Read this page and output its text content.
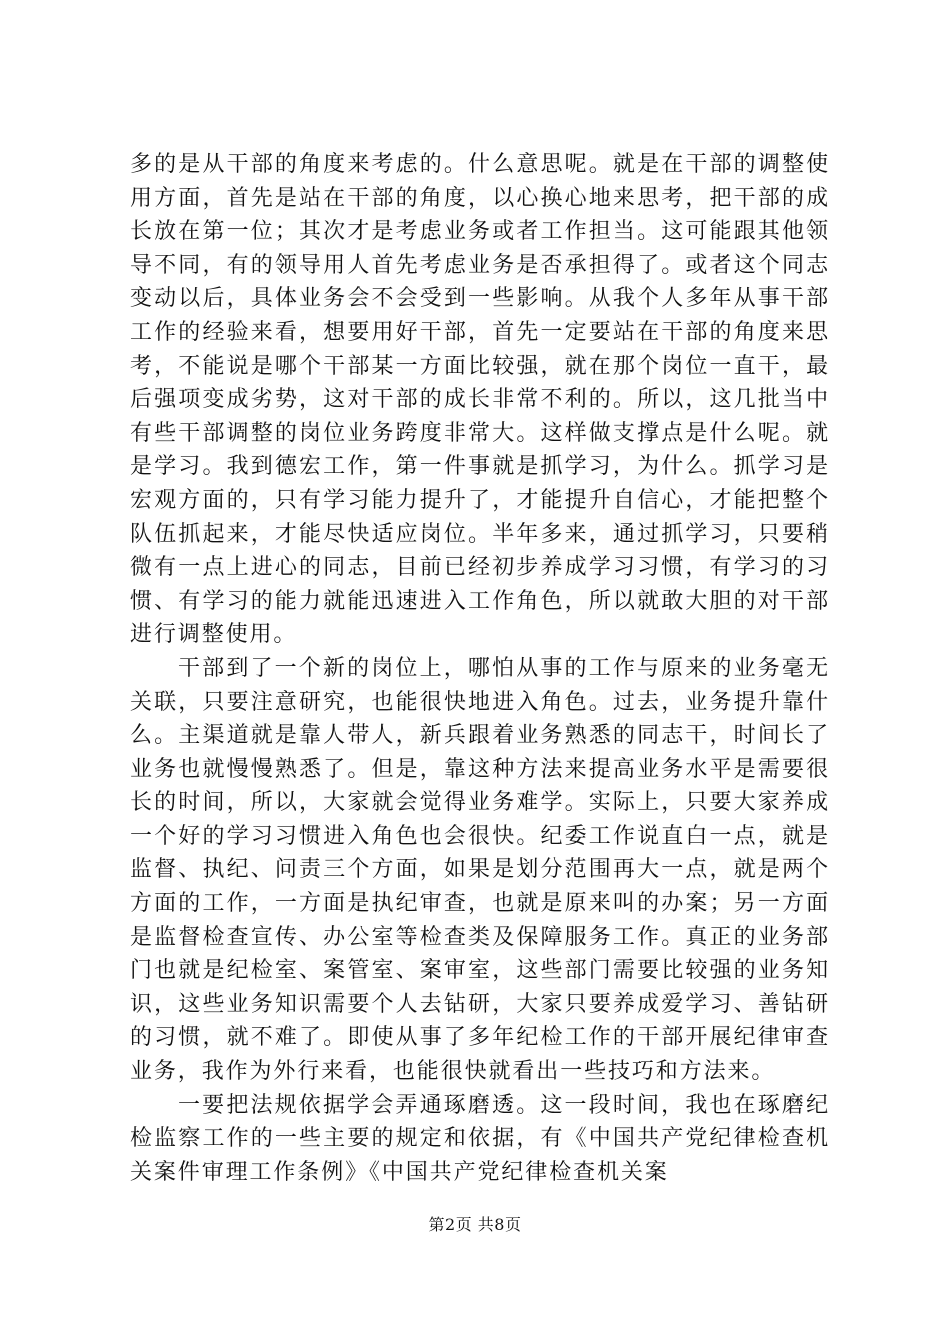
多的是从干部的角度来考虑的。什么意思呢。就是在干部的调整使用方面，首先是站在干部的角度，以心换心地来思考，把干部的成长放在第一位；其次才是考虑业务或者工作担当。这可能跟其他领导不同，有的领导用人首先考虑业务是否承担得了。或者这个同志变动以后，具体业务会不会受到一些影响。从我个人多年从事干部工作的经验来看，想要用好干部，首先一定要站在干部的角度来思考，不能说是哪个干部某一方面比较强，就在那个岗位一直干，最后强项变成劣势，这对干部的成长非常不利的。所以，这几批当中有些干部调整的岗位业务跨度非常大。这样做支撑点是什么呢。就是学习。我到德宏工作，第一件事就是抓学习，为什么。抓学习是宏观方面的，只有学习能力提升了，才能提升自信心，才能把整个队伍抓起来，才能尽快适应岗位。半年多来，通过抓学习，只要稍微有一点上进心的同志，目前已经初步养成学习习惯，有学习的习惯、有学习的能力就能迅速进入工作角色，所以就敢大胆的对干部进行调整使用。

干部到了一个新的岗位上，哪怕从事的工作与原来的业务毫无关联，只要注意研究，也能很快地进入角色。过去，业务提升靠什么。主渠道就是靠人带人，新兵跟着业务熟悉的同志干，时间长了业务也就慢慢熟悉了。但是，靠这种方法来提高业务水平是需要很长的时间，所以，大家就会觉得业务难学。实际上，只要大家养成一个好的学习习惯进入角色也会很快。纪委工作说直白一点，就是监督、执纪、问责三个方面，如果是划分范围再大一点，就是两个方面的工作，一方面是执纪审查，也就是原来叫的办案；另一方面是监督检查宣传、办公室等检查类及保障服务工作。真正的业务部门也就是纪检室、案管室、案审室，这些部门需要比较强的业务知识，这些业务知识需要个人去钻研，大家只要养成爱学习、善钻研的习惯，就不难了。即使从事了多年纪检工作的干部开展纪律审查业务，我作为外行来看，也能很快就看出一些技巧和方法来。

一要把法规依据学会弄通琢磨透。这一段时间，我也在琢磨纪检监察工作的一些主要的规定和依据，有《中国共产党纪律检查机关案件审理工作条例》《中国共产党纪律检查机关案

第2页 共8页
